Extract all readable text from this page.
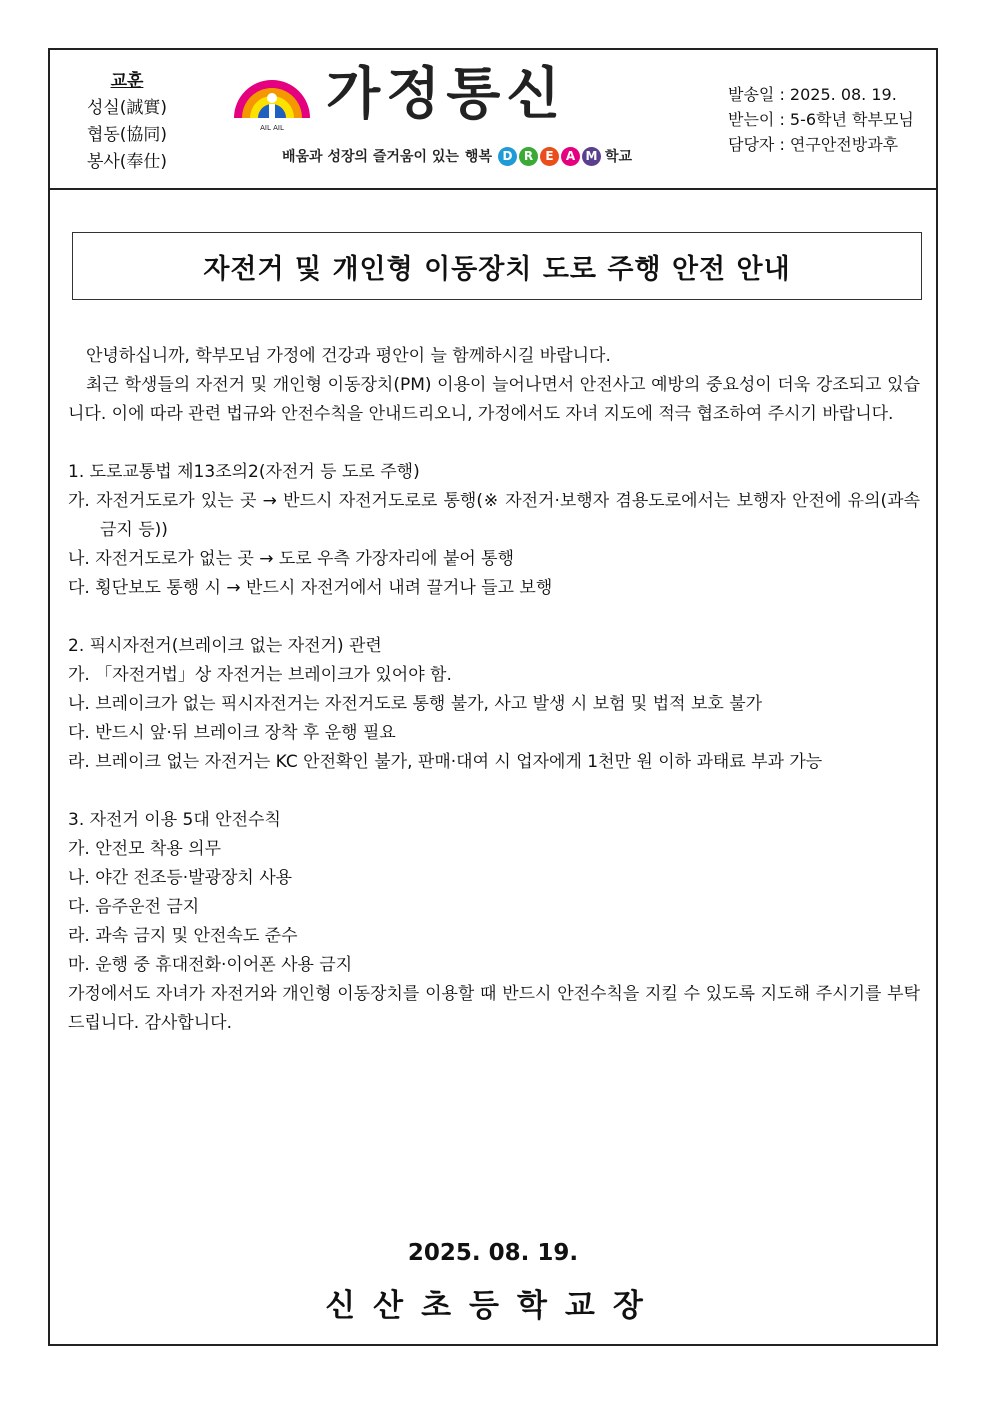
교훈
성실(誠實)
협동(協同)
봉사(奉仕)
AIL AIL
가정통신
배움과 성장의 즐거움이 있는 행복 D R	E	A M 학교
발송일 : 2025. 08. 19.
받는이 : 5-6학년 학부모님
담당자 : 연구안전방과후
자전거 및 개인형 이동장치 도로 주행 안전 안내

안녕하십니까, 학부모님 가정에 건강과 평안이 늘 함께하시길 바랍니다.

최근 학생들의 자전거 및 개인형 이동장치(PM) 이용이 늘어나면서 안전사고 예방의 중요성이 더욱 강조되고 있습니다. 이에 따라 관련 법규와 안전수칙을 안내드리오니, 가정에서도 자녀 지도에 적극 협조하여 주시기 바랍니다.

1. 도로교통법 제13조의2(자전거 등 도로 주행)

가. 자전거도로가 있는 곳 → 반드시 자전거도로로 통행(※ 자전거·보행자 겸용도로에서는 보행자 안전에 유의(과속 금지 등))

나. 자전거도로가 없는 곳 → 도로 우측 가장자리에 붙어 통행

다. 횡단보도 통행 시 → 반드시 자전거에서 내려 끌거나 들고 보행

2. 픽시자전거(브레이크 없는 자전거) 관련

가. 「자전거법」상 자전거는 브레이크가 있어야 함.

나. 브레이크가 없는 픽시자전거는 자전거도로 통행 불가, 사고 발생 시 보험 및 법적 보호 불가

다. 반드시 앞·뒤 브레이크 장착 후 운행 필요

라. 브레이크 없는 자전거는 KC 안전확인 불가, 판매·대여 시 업자에게 1천만 원 이하 과태료 부과 가능

3. 자전거 이용 5대 안전수칙

가. 안전모 착용 의무

나. 야간 전조등·발광장치 사용

다. 음주운전 금지

라. 과속 금지 및 안전속도 준수

마. 운행 중 휴대전화·이어폰 사용 금지

가정에서도 자녀가 자전거와 개인형 이동장치를 이용할 때 반드시 안전수칙을 지킬 수 있도록 지도해 주시기를 부탁드립니다. 감사합니다.

2025. 08. 19.
신산초등학교장
